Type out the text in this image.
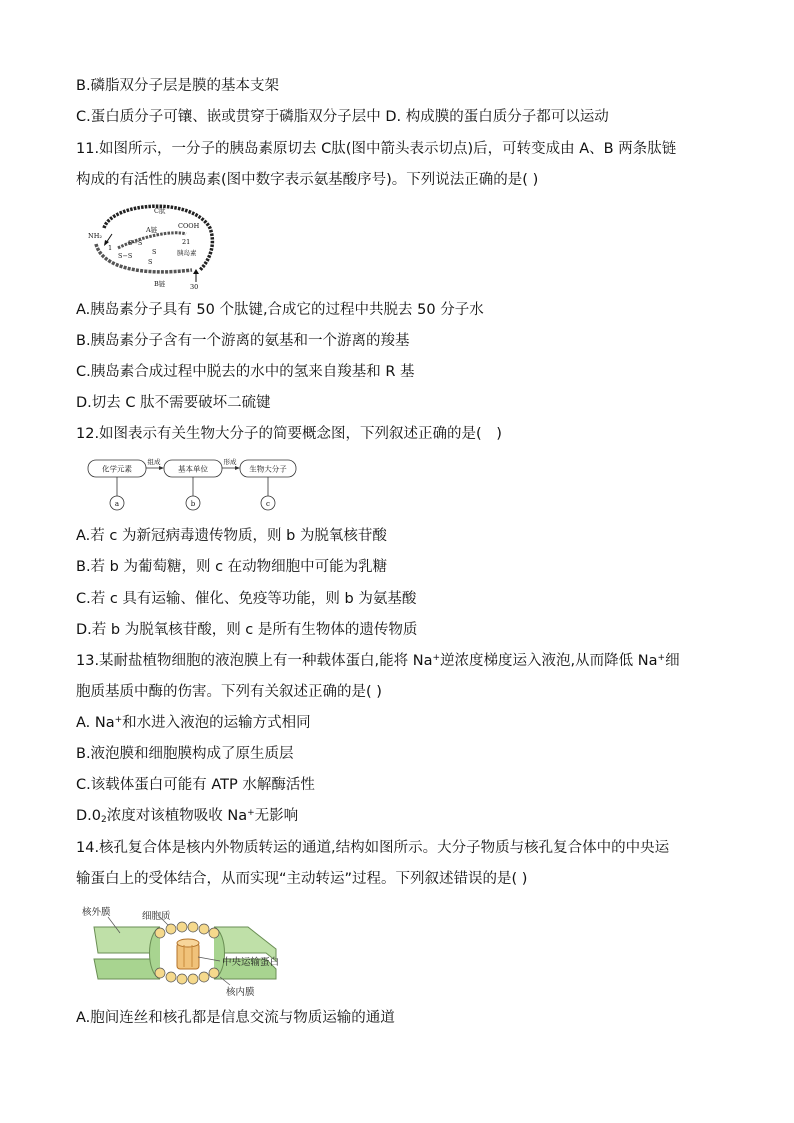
B.磷脂双分子层是膜的基本支架
C.蛋白质分子可镶、嵌或贯穿于磷脂双分子层中 D. 构成膜的蛋白质分子都可以运动
11.如图所示，一分子的胰岛素原切去 C肽(图中箭头表示切点)后，可转变成由 A、B 两条肽链
构成的有活性的胰岛素(图中数字表示氨基酸序号)。下列说法正确的是( )
C肽
A链	COOH
NH₂
1
S−S
S−S	S
S
21
胰岛素
B链	30
A.胰岛素分子具有 50 个肽键,合成它的过程中共脱去 50 分子水
B.胰岛素分子含有一个游离的氨基和一个游离的羧基
C.胰岛素合成过程中脱去的水中的氢来自羧基和 R 基
D.切去 C 肽不需要破坏二硫键
12.如图表示有关生物大分子的简要概念图，下列叙述正确的是(　)
化学元素	基本单位	生物大分子
组成	形成
a	b	c
A.若 c 为新冠病毒遗传物质，则 b 为脱氧核苷酸
B.若 b 为葡萄糖，则 c 在动物细胞中可能为乳糖
C.若 c 具有运输、催化、免疫等功能，则 b 为氨基酸
D.若 b 为脱氧核苷酸，则 c 是所有生物体的遗传物质
13.某耐盐植物细胞的液泡膜上有一种载体蛋白,能将 Na+逆浓度梯度运入液泡,从而降低 Na+细
胞质基质中酶的伤害。下列有关叙述正确的是( )
A. Na+和水进入液泡的运输方式相同
B.液泡膜和细胞膜构成了原生质层
C.该载体蛋白可能有 ATP 水解酶活性
$D.0_2$浓度对该植物吸收 Na+无影响
14.核孔复合体是核内外物质转运的通道,结构如图所示。大分子物质与核孔复合体中的中央运
输蛋白上的受体结合，从而实现“主动转运”过程。下列叙述错误的是( )
核外膜	细胞质
中央运输蛋白
核内膜
A.胞间连丝和核孔都是信息交流与物质运输的通道
